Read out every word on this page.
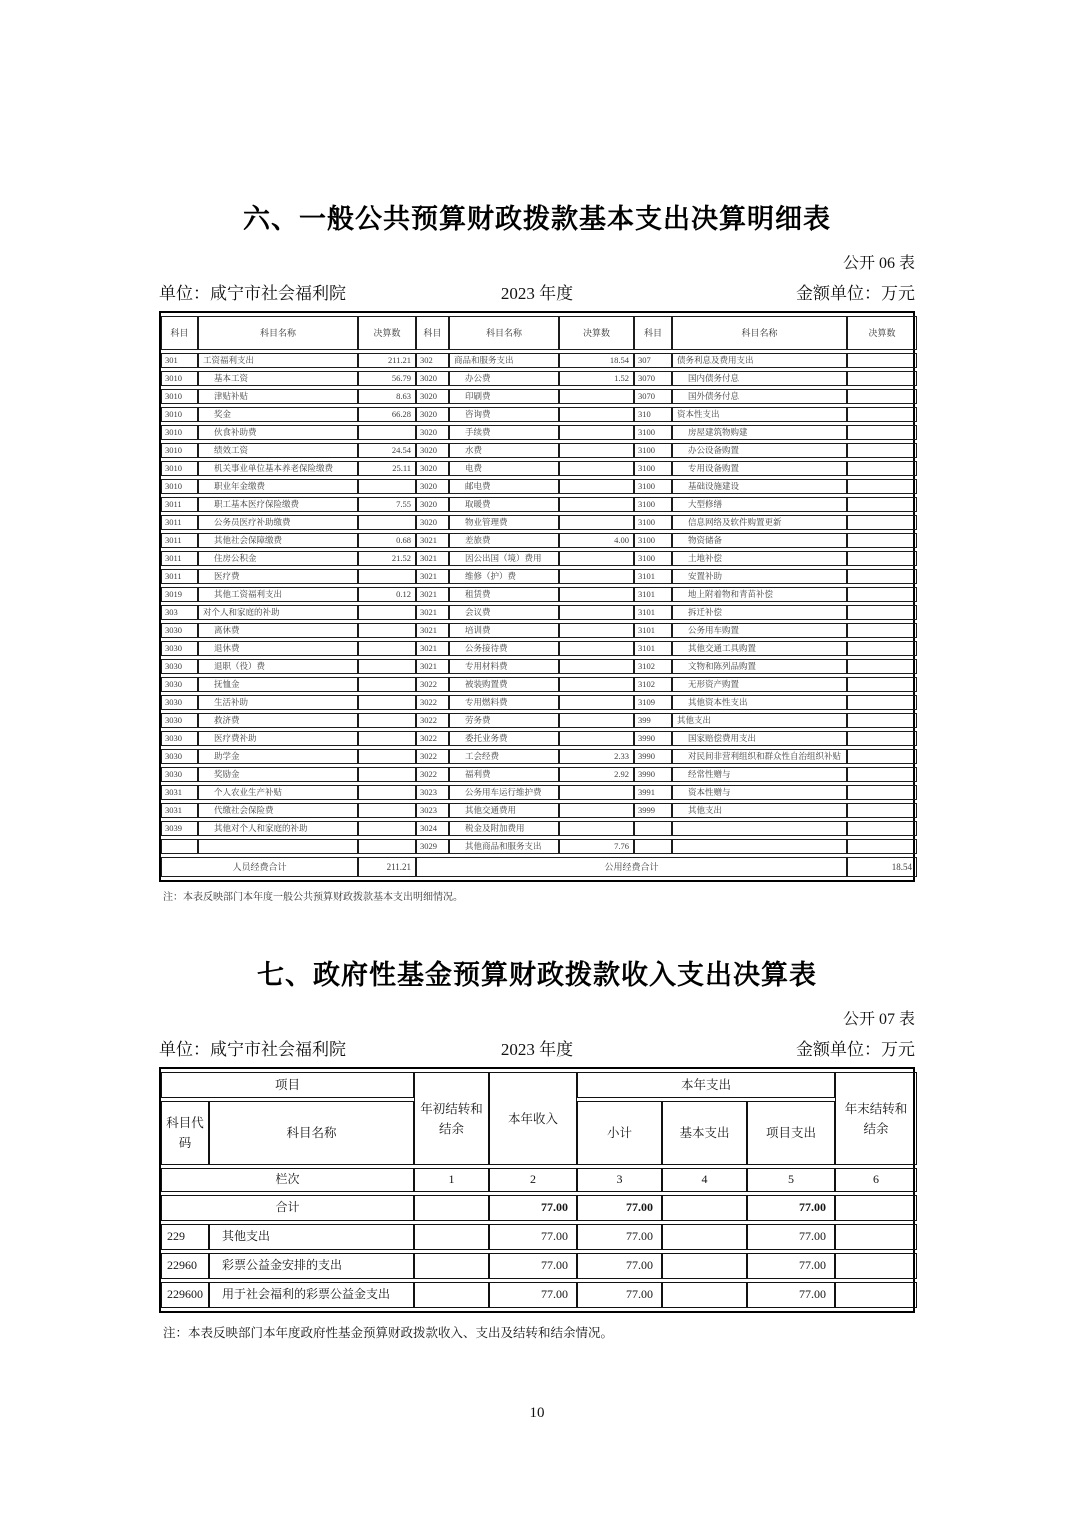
六、一般公共预算财政拨款基本支出决算明细表
公开 06 表
单位：咸宁市社会福利院	2023 年度	金额单位：万元
科目	科目名称	决算数	科目	科目名称	决算数	科目	科目名称	决算数
301	工资福利支出	211.21	302	商品和服务支出	18.54	307	债务利息及费用支出	
3010	基本工资	56.79	3020	办公费	1.52	3070	国内债务付息	
3010	津贴补贴	8.63	3020	印刷费		3070	国外债务付息	
3010	奖金	66.28	3020	咨询费		310	资本性支出	
3010	伙食补助费		3020	手续费		3100	房屋建筑物购建	
3010	绩效工资	24.54	3020	水费		3100	办公设备购置	
3010	机关事业单位基本养老保险缴费	25.11	3020	电费		3100	专用设备购置	
3010	职业年金缴费		3020	邮电费		3100	基础设施建设	
3011	职工基本医疗保险缴费	7.55	3020	取暖费		3100	大型修缮	
3011	公务员医疗补助缴费		3020	物业管理费		3100	信息网络及软件购置更新	
3011	其他社会保障缴费	0.68	3021	差旅费	4.00	3100	物资储备	
3011	住房公积金	21.52	3021	因公出国（境）费用		3100	土地补偿	
3011	医疗费		3021	维修（护）费		3101	安置补助	
3019	其他工资福利支出	0.12	3021	租赁费		3101	地上附着物和青苗补偿	
303	对个人和家庭的补助		3021	会议费		3101	拆迁补偿	
3030	离休费		3021	培训费		3101	公务用车购置	
3030	退休费		3021	公务接待费		3101	其他交通工具购置	
3030	退职（役）费		3021	专用材料费		3102	文物和陈列品购置	
3030	抚恤金		3022	被装购置费		3102	无形资产购置	
3030	生活补助		3022	专用燃料费		3109	其他资本性支出	
3030	救济费		3022	劳务费		399	其他支出	
3030	医疗费补助		3022	委托业务费		3990	国家赔偿费用支出	
3030	助学金		3022	工会经费	2.33	3990	对民间非营利组织和群众性自治组织补贴	
3030	奖励金		3022	福利费	2.92	3990	经常性赠与	
3031	个人农业生产补贴		3023	公务用车运行维护费		3991	资本性赠与	
3031	代缴社会保险费		3023	其他交通费用		3999	其他支出	
3039	其他对个人和家庭的补助		3024	税金及附加费用				
			3029	其他商品和服务支出	7.76			
人员经费合计		211.21	公用经费合计					18.54
注：本表反映部门本年度一般公共预算财政拨款基本支出明细情况。
七、政府性基金预算财政拨款收入支出决算表
公开 07 表
单位：咸宁市社会福利院	2023 年度	金额单位：万元
项目		年初结转和结余	本年收入	本年支出			年末结转和结余
科目代码	科目名称			小计	基本支出	项目支出	
栏次		1	2	3	4	5	6
合计			77.00	77.00		77.00	
229	其他支出		77.00	77.00		77.00	
22960	彩票公益金安排的支出		77.00	77.00		77.00	
229600	用于社会福利的彩票公益金支出		77.00	77.00		77.00	
注：本表反映部门本年度政府性基金预算财政拨款收入、支出及结转和结余情况。
10
